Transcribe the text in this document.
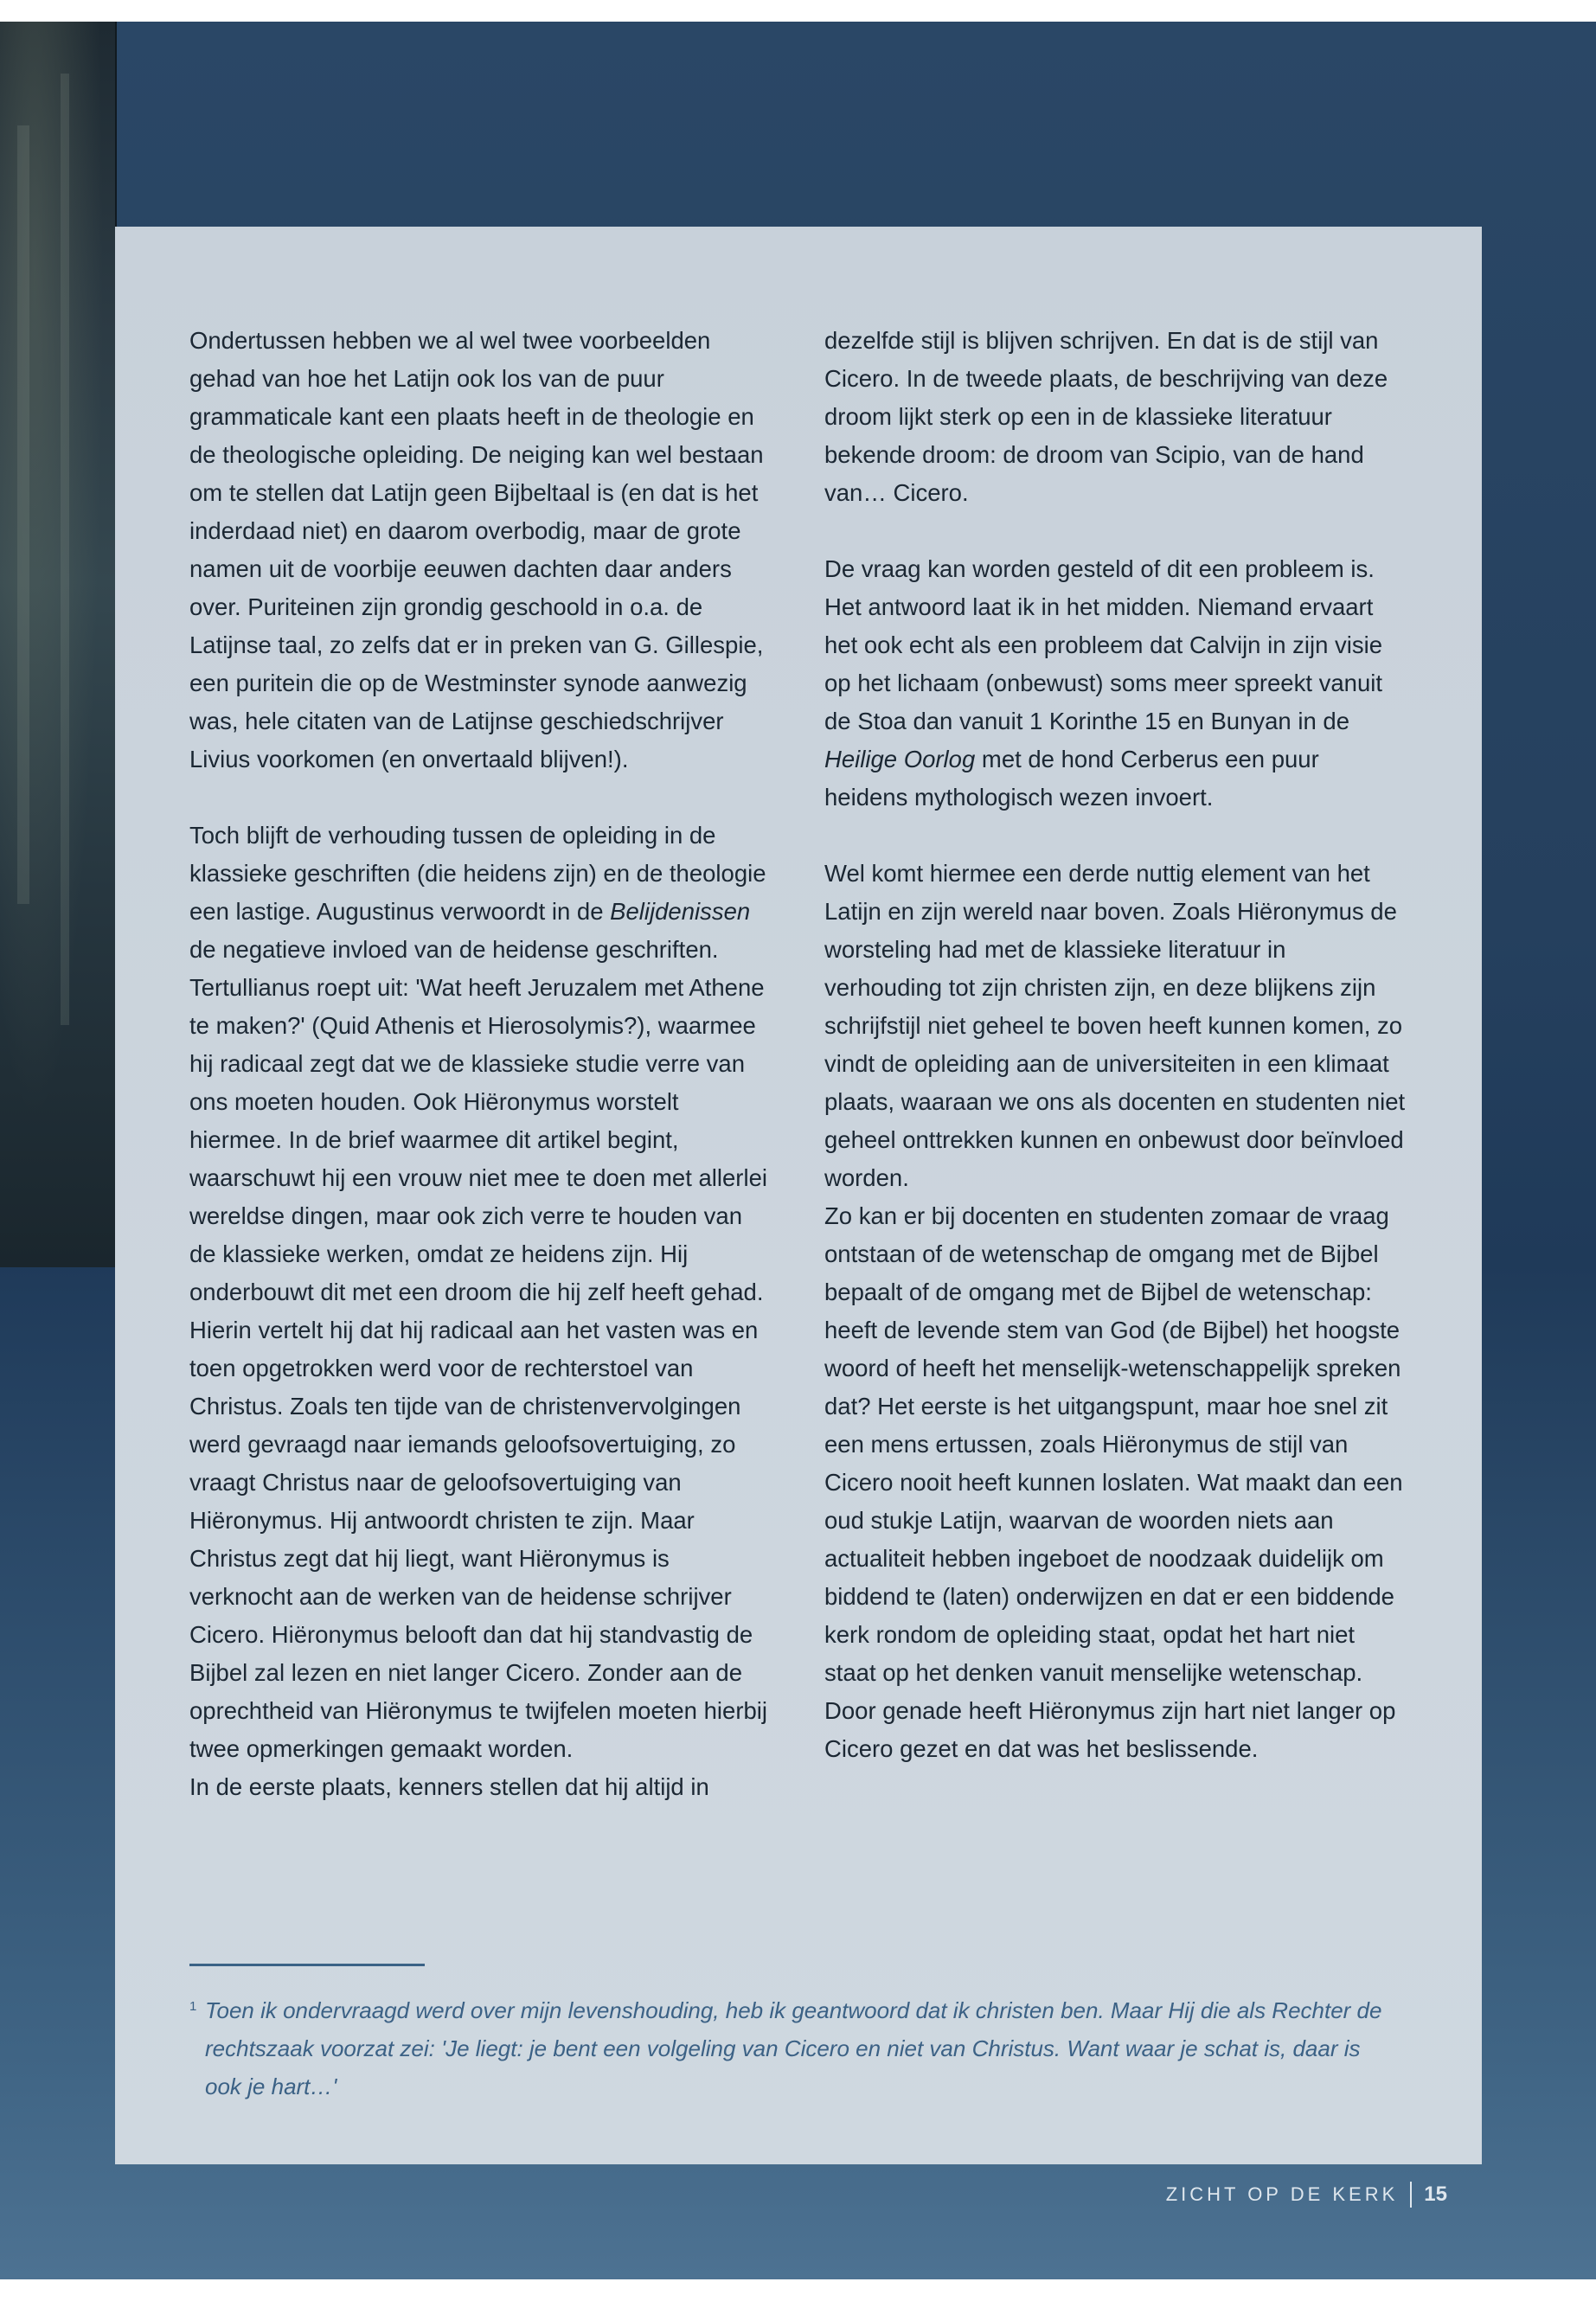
Ondertussen hebben we al wel twee voorbeelden gehad van hoe het Latijn ook los van de puur grammaticale kant een plaats heeft in de theologie en de theologische opleiding. De neiging kan wel bestaan om te stellen dat Latijn geen Bijbeltaal is (en dat is het inderdaad niet) en daarom overbodig, maar de grote namen uit de voorbije eeuwen dachten daar anders over. Puriteinen zijn grondig geschoold in o.a. de Latijnse taal, zo zelfs dat er in preken van G. Gillespie, een puritein die op de Westminster synode aanwezig was, hele citaten van de Latijnse geschiedschrijver Livius voorkomen (en onvertaald blijven!).

Toch blijft de verhouding tussen de opleiding in de klassieke geschriften (die heidens zijn) en de theologie een lastige. Augustinus verwoordt in de Belijdenissen de negatieve invloed van de heidense geschriften. Tertullianus roept uit: 'Wat heeft Jeruzalem met Athene te maken?' (Quid Athenis et Hierosolymis?), waarmee hij radicaal zegt dat we de klassieke studie verre van ons moeten houden. Ook Hiëronymus worstelt hiermee. In de brief waarmee dit artikel begint, waarschuwt hij een vrouw niet mee te doen met allerlei wereldse dingen, maar ook zich verre te houden van de klassieke werken, omdat ze heidens zijn. Hij onderbouwt dit met een droom die hij zelf heeft gehad. Hierin vertelt hij dat hij radicaal aan het vasten was en toen opgetrokken werd voor de rechterstoel van Christus. Zoals ten tijde van de christenvervolgingen werd gevraagd naar iemands geloofsovertuiging, zo vraagt Christus naar de geloofsovertuiging van Hiëronymus. Hij antwoordt christen te zijn. Maar Christus zegt dat hij liegt, want Hiëronymus is verknocht aan de werken van de heidense schrijver Cicero. Hiëronymus belooft dan dat hij standvastig de Bijbel zal lezen en niet langer Cicero. Zonder aan de oprechtheid van Hiëronymus te twijfelen moeten hierbij twee opmerkingen gemaakt worden.

In de eerste plaats, kenners stellen dat hij altijd in

dezelfde stijl is blijven schrijven. En dat is de stijl van Cicero. In de tweede plaats, de beschrijving van deze droom lijkt sterk op een in de klassieke literatuur bekende droom: de droom van Scipio, van de hand van… Cicero.

De vraag kan worden gesteld of dit een probleem is. Het antwoord laat ik in het midden. Niemand ervaart het ook echt als een probleem dat Calvijn in zijn visie op het lichaam (onbewust) soms meer spreekt vanuit de Stoa dan vanuit 1 Korinthe 15 en Bunyan in de Heilige Oorlog met de hond Cerberus een puur heidens mythologisch wezen invoert.

Wel komt hiermee een derde nuttig element van het Latijn en zijn wereld naar boven. Zoals Hiëronymus de worsteling had met de klassieke literatuur in verhouding tot zijn christen zijn, en deze blijkens zijn schrijfstijl niet geheel te boven heeft kunnen komen, zo vindt de opleiding aan de universiteiten in een klimaat plaats, waaraan we ons als docenten en studenten niet geheel onttrekken kunnen en onbewust door beïnvloed worden.

Zo kan er bij docenten en studenten zomaar de vraag ontstaan of de wetenschap de omgang met de Bijbel bepaalt of de omgang met de Bijbel de wetenschap: heeft de levende stem van God (de Bijbel) het hoogste woord of heeft het menselijk-wetenschappelijk spreken dat? Het eerste is het uitgangspunt, maar hoe snel zit een mens ertussen, zoals Hiëronymus de stijl van Cicero nooit heeft kunnen loslaten. Wat maakt dan een oud stukje Latijn, waarvan de woorden niets aan actualiteit hebben ingeboet de noodzaak duidelijk om biddend te (laten) onderwijzen en dat er een biddende kerk rondom de opleiding staat, opdat het hart niet staat op het denken vanuit menselijke wetenschap. Door genade heeft Hiëronymus zijn hart niet langer op Cicero gezet en dat was het beslissende.

1 Toen ik ondervraagd werd over mijn levenshouding, heb ik geantwoord dat ik christen ben. Maar Hij die als Rechter de rechtszaak voorzat zei: 'Je liegt: je bent een volgeling van Cicero en niet van Christus. Want waar je schat is, daar is ook je hart…'
ZICHT OP DE KERK 15
